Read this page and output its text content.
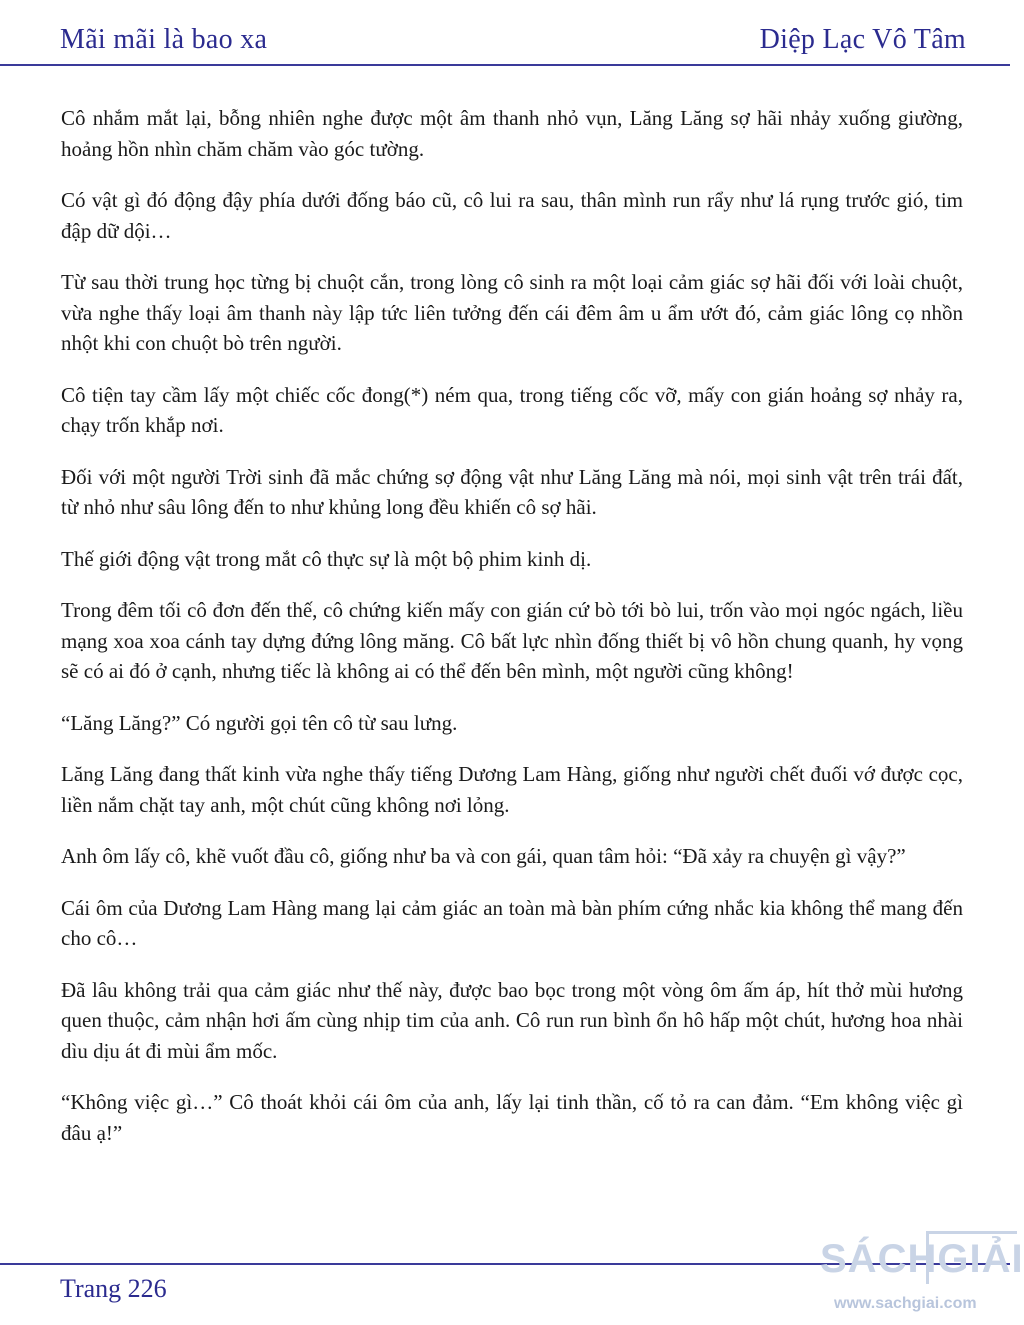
Mãi mãi là bao xa	Diệp Lạc Vô Tâm

Cô nhắm mắt lại, bỗng nhiên nghe được một âm thanh nhỏ vụn, Lăng Lăng sợ hãi nhảy xuống giường, hoảng hồn nhìn chăm chăm vào góc tường.

Có vật gì đó động đậy phía dưới đống báo cũ, cô lui ra sau, thân mình run rẩy như lá rụng trước gió, tim đập dữ dội…

Từ sau thời trung học từng bị chuột cắn, trong lòng cô sinh ra một loại cảm giác sợ hãi đối với loài chuột, vừa nghe thấy loại âm thanh này lập tức liên tưởng đến cái đêm âm u ẩm ướt đó, cảm giác lông cọ nhồn nhột khi con chuột bò trên người.

Cô tiện tay cầm lấy một chiếc cốc đong(*) ném qua, trong tiếng cốc vỡ, mấy con gián hoảng sợ nhảy ra, chạy trốn khắp nơi.

Đối với một người Trời sinh đã mắc chứng sợ động vật như Lăng Lăng mà nói, mọi sinh vật trên trái đất, từ nhỏ như sâu lông đến to như khủng long đều khiến cô sợ hãi.

Thế giới động vật trong mắt cô thực sự là một bộ phim kinh dị.

Trong đêm tối cô đơn đến thế, cô chứng kiến mấy con gián cứ bò tới bò lui, trốn vào mọi ngóc ngách, liều mạng xoa xoa cánh tay dựng đứng lông măng. Cô bất lực nhìn đống thiết bị vô hồn chung quanh, hy vọng sẽ có ai đó ở cạnh, nhưng tiếc là không ai có thể đến bên mình, một người cũng không!

“Lăng Lăng?” Có người gọi tên cô từ sau lưng.

Lăng Lăng đang thất kinh vừa nghe thấy tiếng Dương Lam Hàng, giống như người chết đuối vớ được cọc, liền nắm chặt tay anh, một chút cũng không nơi lỏng.

Anh ôm lấy cô, khẽ vuốt đầu cô, giống như ba và con gái, quan tâm hỏi: “Đã xảy ra chuyện gì vậy?”

Cái ôm của Dương Lam Hàng mang lại cảm giác an toàn mà bàn phím cứng nhắc kia không thể mang đến cho cô…

Đã lâu không trải qua cảm giác như thế này, được bao bọc trong một vòng ôm ấm áp, hít thở mùi hương quen thuộc, cảm nhận hơi ấm cùng nhịp tim của anh. Cô run run bình ổn hô hấp một chút, hương hoa nhài dìu dịu át đi mùi ẩm mốc.

“Không việc gì…” Cô thoát khỏi cái ôm của anh, lấy lại tinh thần, cố tỏ ra can đảm. “Em không việc gì đâu ạ!”

Trang 226
SÁCHGIẢI
www.sachgiai.com
